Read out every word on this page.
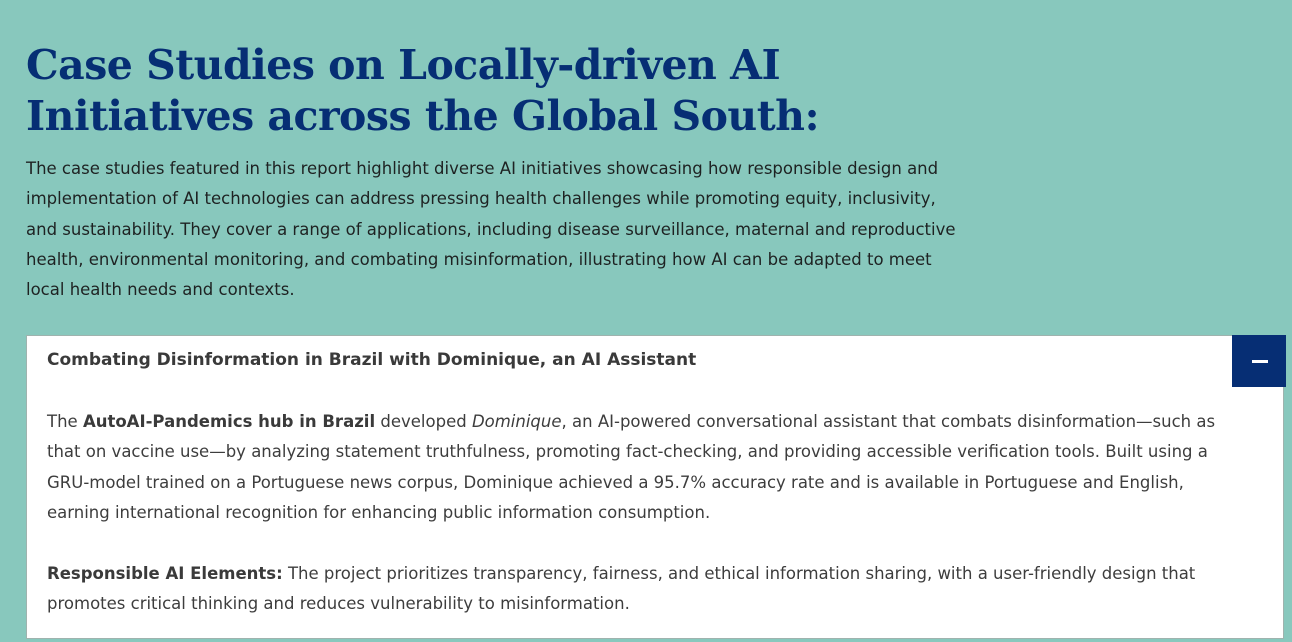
Case Studies on Locally-driven AI
Initiatives across the Global South:

The case studies featured in this report highlight diverse AI initiatives showcasing how responsible design and implementation of AI technologies can address pressing health challenges while promoting equity, inclusivity, and sustainability. They cover a range of applications, including disease surveillance, maternal and reproductive health, environmental monitoring, and combating misinformation, illustrating how AI can be adapted to meet local health needs and contexts.

Combating Disinformation in Brazil with Dominique, an AI Assistant

The AutoAI-Pandemics hub in Brazil developed Dominique, an AI-powered conversational assistant that combats disinformation—such as that on vaccine use—by analyzing statement truthfulness, promoting fact-checking, and providing accessible verification tools. Built using a GRU-model trained on a Portuguese news corpus, Dominique achieved a 95.7% accuracy rate and is available in Portuguese and English, earning international recognition for enhancing public information consumption.

Responsible AI Elements: The project prioritizes transparency, fairness, and ethical information sharing, with a user-friendly design that promotes critical thinking and reduces vulnerability to misinformation.
